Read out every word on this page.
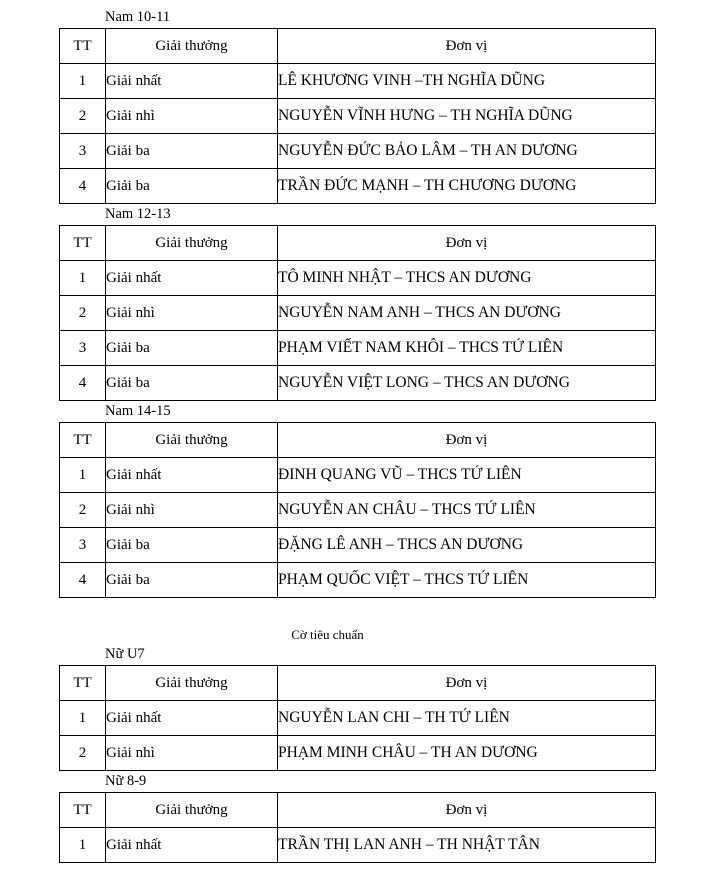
Nam 10-11
TT	Giải thưởng	Đơn vị
1	Giải nhất	LÊ KHƯƠNG VINH –TH NGHĨA DŨNG
2	Giải nhì	NGUYỄN VĨNH HƯNG – TH NGHĨA DŨNG
3	Giải ba	NGUYỄN ĐỨC BẢO LÂM – TH AN DƯƠNG
4	Giải ba	TRẦN ĐỨC MẠNH – TH CHƯƠNG DƯƠNG
Nam 12-13
TT	Giải thưởng	Đơn vị
1	Giải nhất	TÔ MINH NHẬT – THCS AN DƯƠNG
2	Giải nhì	NGUYỄN NAM ANH – THCS AN DƯƠNG
3	Giải ba	PHẠM VIẾT NAM KHÔI – THCS TỨ LIÊN
4	Giải ba	NGUYỄN VIỆT LONG – THCS AN DƯƠNG
Nam 14-15
TT	Giải thưởng	Đơn vị
1	Giải nhất	ĐINH QUANG VŨ – THCS TỨ LIÊN
2	Giải nhì	NGUYỄN AN CHÂU – THCS TỨ LIÊN
3	Giải ba	ĐẶNG LÊ ANH – THCS AN DƯƠNG
4	Giải ba	PHẠM QUỐC VIỆT – THCS TỨ LIÊN
Cờ tiêu chuẩn
Nữ U7
TT	Giải thưởng	Đơn vị
1	Giải nhất	NGUYỄN LAN CHI – TH TỨ LIÊN
2	Giải nhì	PHẠM MINH CHÂU – TH AN DƯƠNG
Nữ 8-9
TT	Giải thưởng	Đơn vị
1	Giải nhất	TRẦN THỊ LAN ANH – TH NHẬT TÂN
